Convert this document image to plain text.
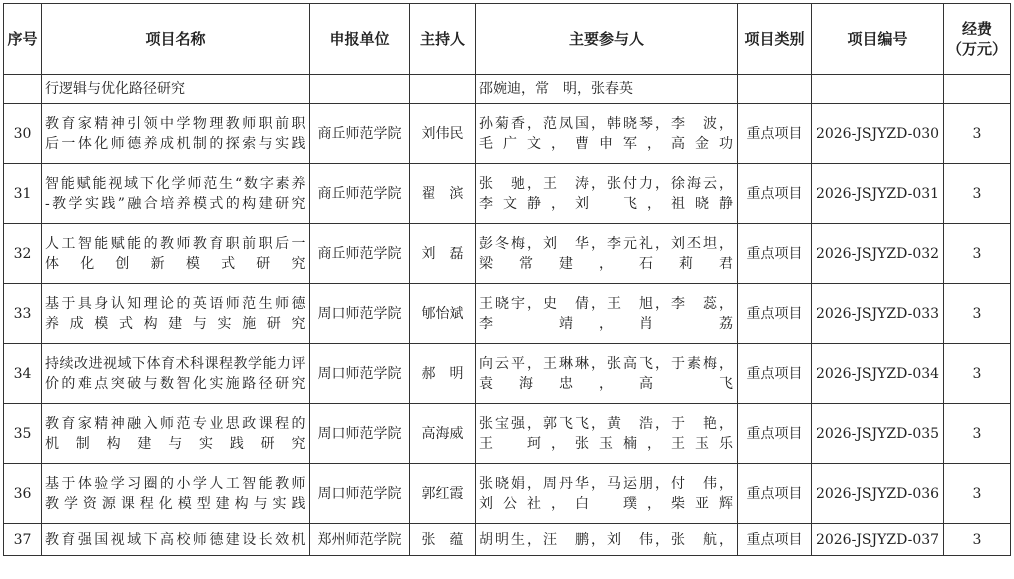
序号	项目名称	申报单位	主持人	主要参与人	项目类别	项目编号	经费
（万元）

	行逻辑与优化路径研究			邵婉迪，常　明，张春英			

30	教育家精神引领中学物理教师职前职
后一体化师德养成机制的探索与实践	商丘师范学院	刘伟民	孙菊香，范凤国，韩晓琴，李　波，
毛广文，曹申军，高金功	重点项目	2026-JSJYZD-030	3

31	智能赋能视域下化学师范生“数字素养
-教学实践”融合培养模式的构建研究	商丘师范学院	翟　滨	张　驰，王　涛，张付力，徐海云，
李文静，刘　飞，祖晓静	重点项目	2026-JSJYZD-031	3

32	人工智能赋能的教师教育职前职后一
体化创新模式研究	商丘师范学院	刘　磊	彭冬梅，刘　华，李元礼，刘丕坦，
梁常建，石莉君	重点项目	2026-JSJYZD-032	3

33	基于具身认知理论的英语师范生师德
养成模式构建与实施研究	周口师范学院	郇怡斌	王晓宇，史　倩，王　旭，李　蕊，
李　靖，肖　荔	重点项目	2026-JSJYZD-033	3

34	持续改进视域下体育术科课程教学能力评
价的难点突破与数智化实施路径研究	周口师范学院	郝　明	向云平，王琳琳，张高飞，于素梅，
袁海忠，高　飞	重点项目	2026-JSJYZD-034	3

35	教育家精神融入师范专业思政课程的
机制构建与实践研究	周口师范学院	高海威	张宝强，郭飞飞，黄　浩，于　艳，
王　珂，张玉楠，王玉乐	重点项目	2026-JSJYZD-035	3

36	基于体验学习圈的小学人工智能教师
教学资源课程化模型建构与实践	周口师范学院	郭红霞	张晓娟，周丹华，马运朋，付　伟，
刘公社，白　璞，柴亚辉	重点项目	2026-JSJYZD-036	3

37	教育强国视域下高校师德建设长效机	郑州师范学院	张　蕴	胡明生，汪　鹏，刘　伟，张　航，	重点项目	2026-JSJYZD-037	3
